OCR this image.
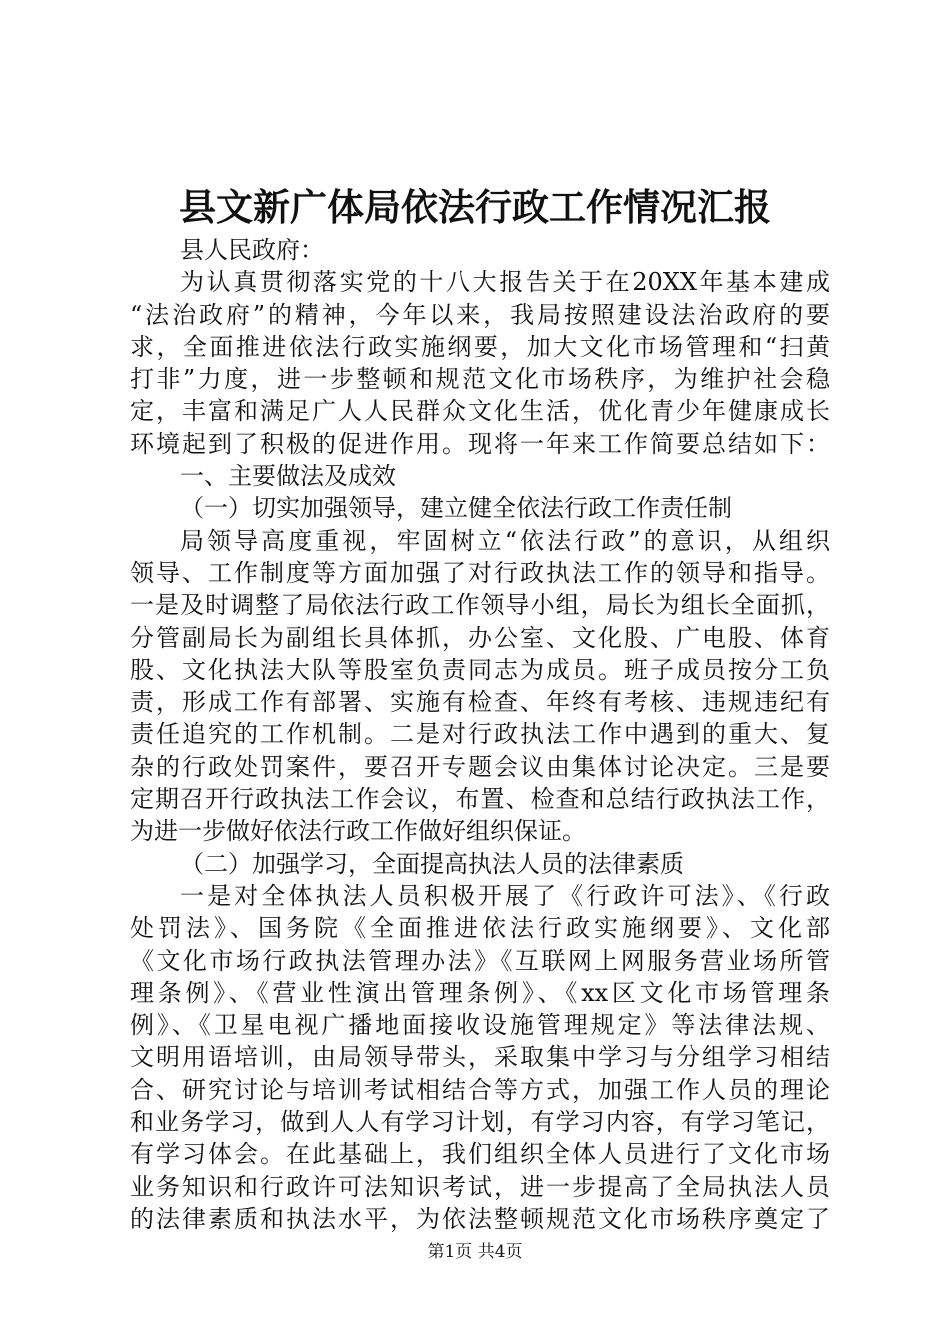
县文新广体局依法行政工作情况汇报
县人民政府：
为认真贯彻落实党的十八大报告关于在20XX年基本建成
“法治政府”的精神，今年以来，我局按照建设法治政府的要
求，全面推进依法行政实施纲要，加大文化市场管理和“扫黄
打非”力度，进一步整顿和规范文化市场秩序，为维护社会稳
定，丰富和满足广人人民群众文化生活，优化青少年健康成长
环境起到了积极的促进作用。现将一年来工作简要总结如下：
一、主要做法及成效
（一）切实加强领导，建立健全依法行政工作责任制
局领导高度重视，牢固树立“依法行政”的意识，从组织
领导、工作制度等方面加强了对行政执法工作的领导和指导。
一是及时调整了局依法行政工作领导小组，局长为组长全面抓，
分管副局长为副组长具体抓，办公室、文化股、广电股、体育
股、文化执法大队等股室负责同志为成员。班子成员按分工负
责，形成工作有部署、实施有检查、年终有考核、违规违纪有
责任追究的工作机制。二是对行政执法工作中遇到的重大、复
杂的行政处罚案件，要召开专题会议由集体讨论决定。三是要
定期召开行政执法工作会议，布置、检查和总结行政执法工作，
为进一步做好依法行政工作做好组织保证。
（二）加强学习，全面提高执法人员的法律素质
一是对全体执法人员积极开展了《行政许可法》、《行政
处罚法》、国务院《全面推进依法行政实施纲要》、文化部
《文化市场行政执法管理办法》《互联网上网服务营业场所管
理条例》、《营业性演出管理条例》、《xx区文化市场管理条
例》、《卫星电视广播地面接收设施管理规定》等法律法规、
文明用语培训，由局领导带头，采取集中学习与分组学习相结
合、研究讨论与培训考试相结合等方式，加强工作人员的理论
和业务学习，做到人人有学习计划，有学习内容，有学习笔记，
有学习体会。在此基础上，我们组织全体人员进行了文化市场
业务知识和行政许可法知识考试，进一步提高了全局执法人员
的法律素质和执法水平，为依法整顿规范文化市场秩序奠定了
第1页 共4页
